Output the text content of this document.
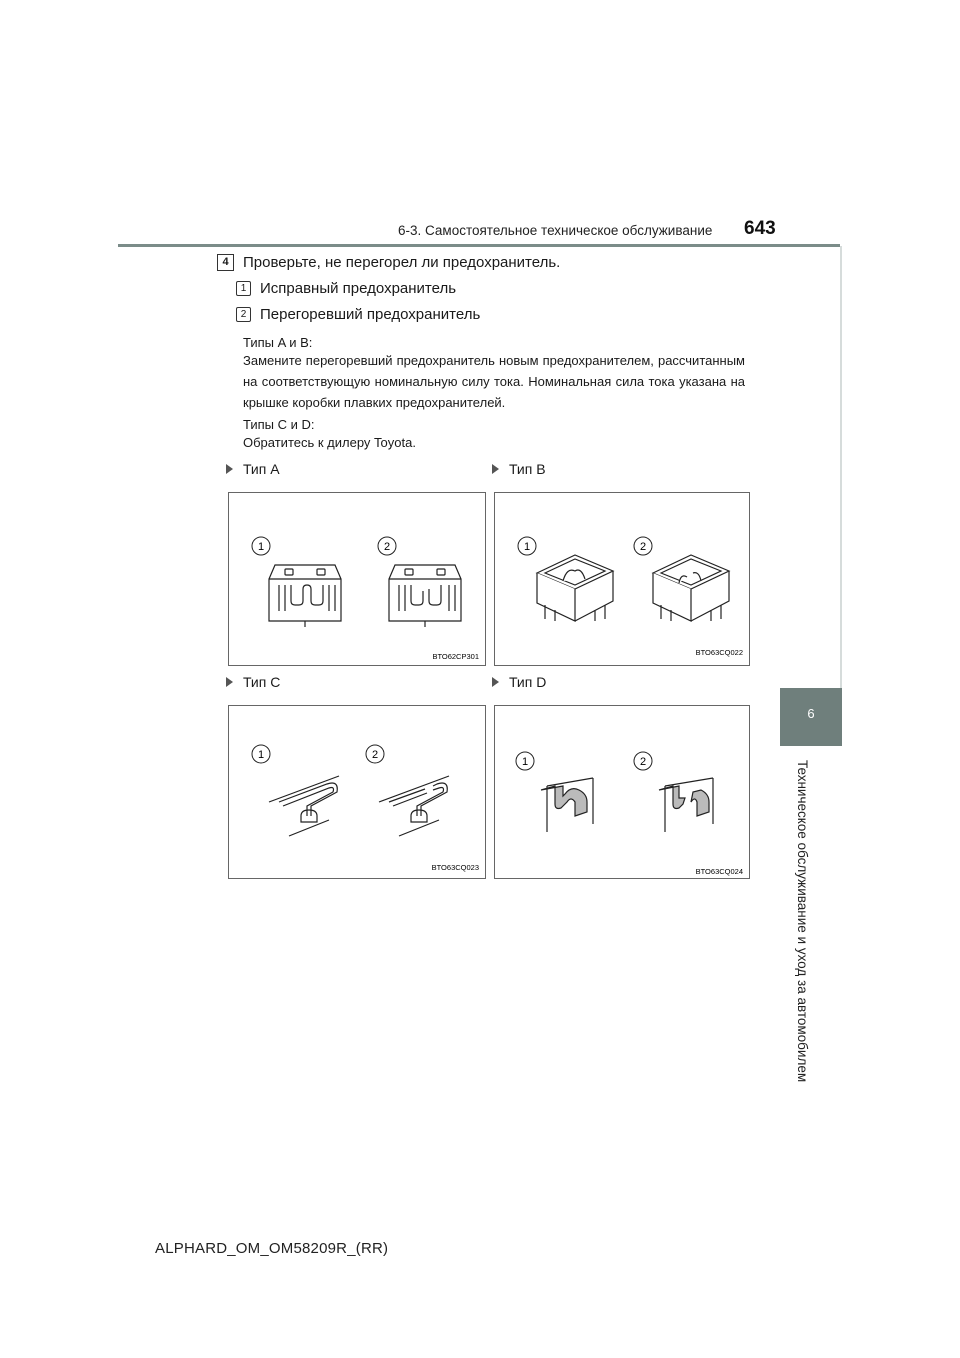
6-3. Самостоятельное техническое обслуживание 643
6
Техническое обслуживание и уход за автомобилем
4 Проверьте, не перегорел ли предохранитель.
1 Исправный предохранитель
2 Перегоревший предохранитель
Типы A и B:
Замените перегоревший предохранитель новым предохранителем, рассчитанным на соответствующую номинальную силу тока. Номинальная сила тока указана на крышке коробки плавких предохранителей.
Типы C и D:
Обратитесь к дилеру Toyota.
Тип A	Тип B
Тип C	Тип D
1	2
BTO62CP301
1	2
BTO63CQ022
1	2
BTO63CQ023
1	2
BTO63CQ024
ALPHARD_OM_OM58209R_(RR)
